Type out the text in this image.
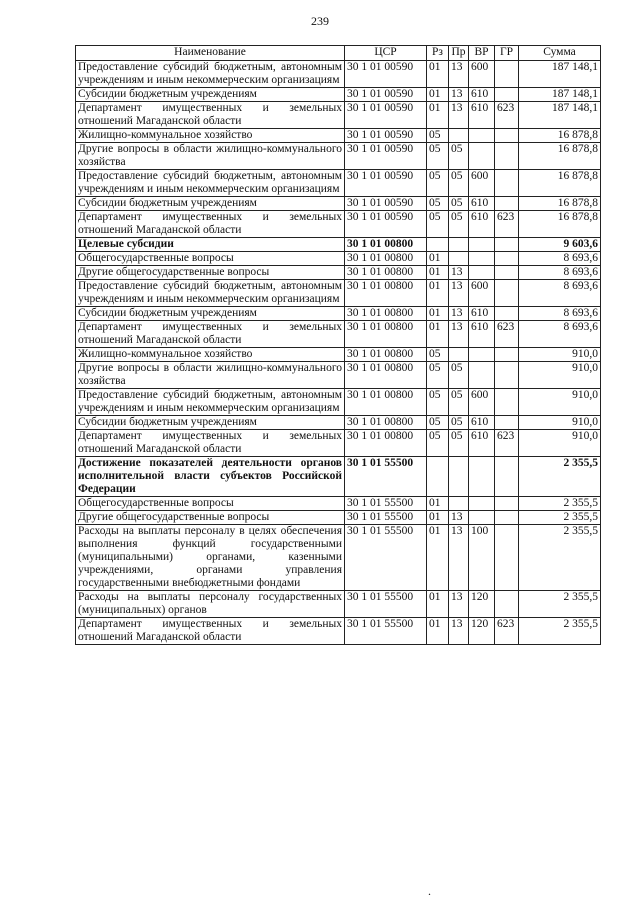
239
Наименование	ЦСР	Рз	Пр	ВР	ГР	Сумма
Предоставление субсидий бюджетным, автономным учреждениям и иным некоммерческим организациям	30 1 01 00590	01	13	600		187 148,1
Субсидии бюджетным учреждениям	30 1 01 00590	01	13	610		187 148,1
Департамент имущественных и земельных отношений Магаданской области	30 1 01 00590	01	13	610	623	187 148,1
Жилищно-коммунальное хозяйство	30 1 01 00590	05				16 878,8
Другие вопросы в области жилищно-коммунального хозяйства	30 1 01 00590	05	05			16 878,8
Предоставление субсидий бюджетным, автономным учреждениям и иным некоммерческим организациям	30 1 01 00590	05	05	600		16 878,8
Субсидии бюджетным учреждениям	30 1 01 00590	05	05	610		16 878,8
Департамент имущественных и земельных отношений Магаданской области	30 1 01 00590	05	05	610	623	16 878,8
Целевые субсидии	30 1 01 00800					9 603,6
Общегосударственные вопросы	30 1 01 00800	01				8 693,6
Другие общегосударственные вопросы	30 1 01 00800	01	13			8 693,6
Предоставление субсидий бюджетным, автономным учреждениям и иным некоммерческим организациям	30 1 01 00800	01	13	600		8 693,6
Субсидии бюджетным учреждениям	30 1 01 00800	01	13	610		8 693,6
Департамент имущественных и земельных отношений Магаданской области	30 1 01 00800	01	13	610	623	8 693,6
Жилищно-коммунальное хозяйство	30 1 01 00800	05				910,0
Другие вопросы в области жилищно-коммунального хозяйства	30 1 01 00800	05	05			910,0
Предоставление субсидий бюджетным, автономным учреждениям и иным некоммерческим организациям	30 1 01 00800	05	05	600		910,0
Субсидии бюджетным учреждениям	30 1 01 00800	05	05	610		910,0
Департамент имущественных и земельных отношений Магаданской области	30 1 01 00800	05	05	610	623	910,0
Достижение показателей деятельности органов исполнительной власти субъектов Российской Федерации	30 1 01 55500					2 355,5
Общегосударственные вопросы	30 1 01 55500	01				2 355,5
Другие общегосударственные вопросы	30 1 01 55500	01	13			2 355,5
Расходы на выплаты персоналу в целях обеспечения выполнения функций государственными (муниципальными) органами, казенными учреждениями, органами управления государственными внебюджетными фондами	30 1 01 55500	01	13	100		2 355,5
Расходы на выплаты персоналу государственных (муниципальных) органов	30 1 01 55500	01	13	120		2 355,5
Департамент имущественных и земельных отношений Магаданской области	30 1 01 55500	01	13	120	623	2 355,5
.
